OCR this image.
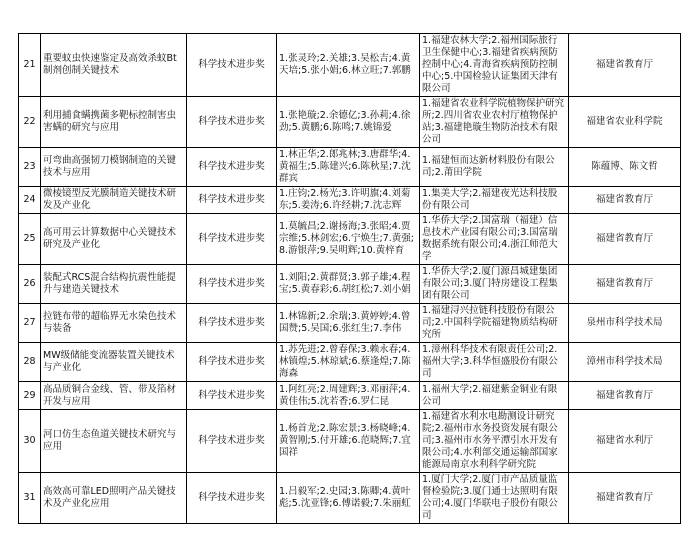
21	重要蚊虫快速鉴定及高效杀蚊Bt制剂创制关键技术	科学技术进步奖	1.张灵玲;2.关雄;3.吴松吉;4.黄天培;5.张小娟;6.林立旺;7.郭鹏	1.福建农林大学;2.福州国际旅行卫生保健中心;3.福建省疾病预防控制中心;4.青海省疾病预防控制中心;5.中国检验认证集团天津有限公司	福建省教育厅
22	利用捕食螨携菌多靶标控制害虫害螨的研究与应用	科学技术进步奖	1.张艳璇;2.余德亿;3.孙莉;4.徐劲;5.黄鹏;6.陈鸣;7.姚锦爱	1.福建省农业科学院植物保护研究所;2.四川省农业农村厅植物保护站;3.福建艳璇生物防治技术有限公司	福建省农业科学院
23	可弯曲高强韧刀模钢制造的关键技术与应用	科学技术进步奖	1.林正华;2.郎兆林;3.唐群华;4.黄福生;5.陈建兴;6.陈秋星;7.沈群宾	1.福建恒而达新材料股份有限公司;2.莆田学院	陈蕴博、陈文哲
24	微棱镜型反光膜制造关键技术研发及产业化	科学技术进步奖	1.庄钧;2.杨光;3.许明旗;4.刘菊东;5.姜涛;6.许经耕;7.沈志辉	1.集美大学;2.福建夜光达科技股份有限公司	福建省教育厅
25	高可用云计算数据中心关键技术研究及产业化	科学技术进步奖	1.莫毓昌;2.谢扬海;3.张昭;4.贾宗维;5.林剑宏;6.宁焕生;7.黄强;8.游银萍;9.吴明辉;10.黄梓育	1.华侨大学;2.国富瑞（福建）信息技术产业园有限公司;3.国富瑞数据系统有限公司;4.浙江师范大学	福建省教育厅
26	装配式RCS混合结构抗震性能提升与建造关键技术	科学技术进步奖	1.刘阳;2.黄群贤;3.郭子雄;4.程宝;5.黄春彩;6.胡红松;7.刘小娟	1.华侨大学;2.厦门源昌城建集团有限公司;3.厦门特房建设工程集团有限公司	福建省教育厅
27	拉链布带的超临界无水染色技术与装备	科学技术进步奖	1.林锦新;2.余瑞;3.黄婷婷;4.曾国赞;5.吴国;6.张红生;7.李伟	1.福建浔兴拉链科技股份有限公司;2.中国科学院福建物质结构研究所	泉州市科学技术局
28	MW级储能变流器装置关键技术与产业化	科学技术进步奖	1.苏先进;2.曾春保;3.赖永春;4.林镇煌;5.林琼斌;6.蔡逢煌;7.陈海森	1.漳州科华技术有限责任公司;2.福州大学;3.科华恒盛股份有限公司	漳州市科学技术局
29	高品质铜合金线、管、带及箔材开发与应用	科学技术进步奖	1.阿红亮;2.周建辉;3.邓丽萍;4.黄佳伟;5.沈若香;6.罗仁昆	1.福州大学;2.福建紫金铜业有限公司	福建省教育厅
30	河口仿生态鱼道关键技术研究与应用	科学技术进步奖	1.杨首龙;2.陈宏景;3.杨晓峰;4.黄智刚;5.付开雄;6.范晓辉;7.宜国祥	1.福建省水利水电勘测设计研究院;2.福州市水务投资发展有限公司;3.福州市水务平潭引水开发有限公司;4.水利部交通运输部国家能源局南京水利科学研究院	福建省水利厅
31	高效高可靠LED照明产品关键技术及产业化应用	科学技术进步奖	1.吕毅军;2.史园;3.陈卿;4.黄叶彪;5.沈亚锋;6.傅诺毅;7.朱丽虹	1.厦门大学;2.厦门市产品质量监督检验院;3.厦门通士达照明有限公司;4.厦门华联电子股份有限公司	福建省教育厅
